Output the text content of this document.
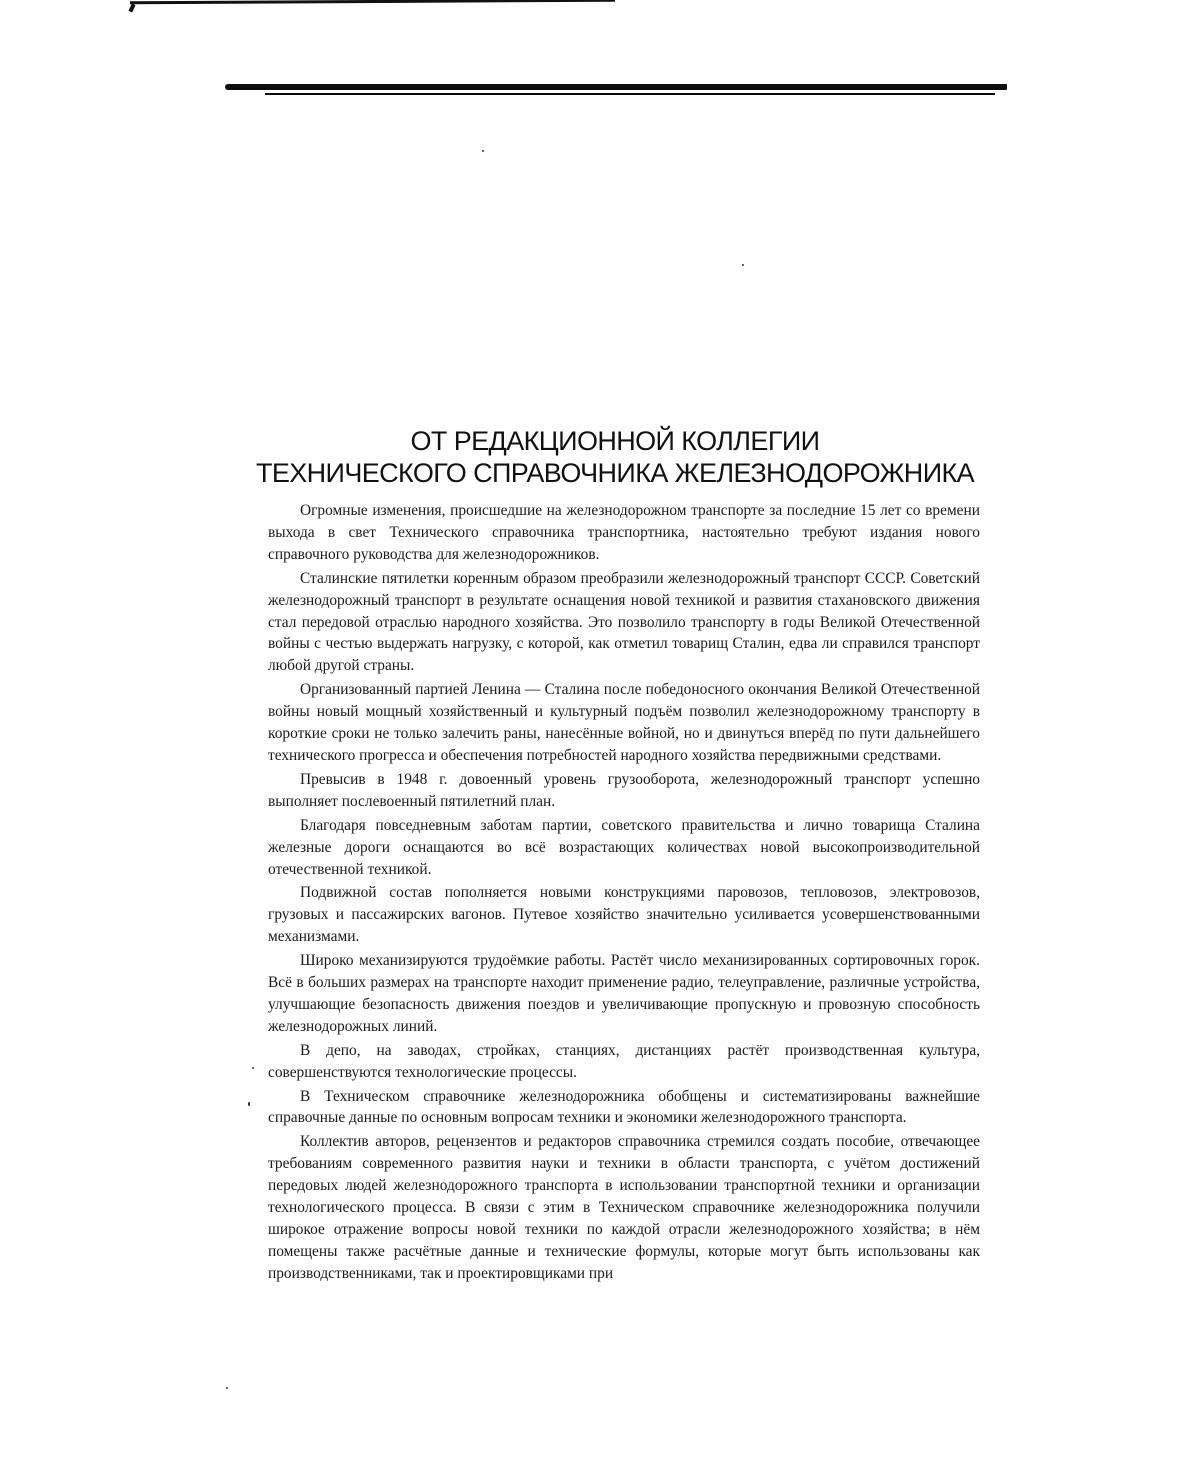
ОТ РЕДАКЦИОННОЙ КОЛЛЕГИИ
ТЕХНИЧЕСКОГО СПРАВОЧНИКА ЖЕЛЕЗНОДОРОЖНИКА

Огромные изменения, происшедшие на железнодорожном транспорте за последние 15 лет со времени выхода в свет Технического справочника транспортника, настоятельно требуют издания нового справочного руководства для железнодорожников.

Сталинские пятилетки коренным образом преобразили железнодорожный транспорт СССР. Советский железнодорожный транспорт в результате оснащения новой техникой и развития стахановского движения стал передовой отраслью народного хозяйства. Это позволило транспорту в годы Великой Отечественной войны с честью выдержать нагрузку, с которой, как отметил товарищ Сталин, едва ли справился транспорт любой другой страны.

Организованный партией Ленина — Сталина после победоносного окончания Великой Отечественной войны новый мощный хозяйственный и культурный подъём позволил железнодорожному транспорту в короткие сроки не только залечить раны, нанесённые войной, но и двинуться вперёд по пути дальнейшего технического прогресса и обеспечения потребностей народного хозяйства передвижными средствами.

Превысив в 1948 г. довоенный уровень грузооборота, железнодорожный транспорт успешно выполняет послевоенный пятилетний план.

Благодаря повседневным заботам партии, советского правительства и лично товарища Сталина железные дороги оснащаются во всё возрастающих количествах новой высокопроизводительной отечественной техникой.

Подвижной состав пополняется новыми конструкциями паровозов, тепловозов, электровозов, грузовых и пассажирских вагонов. Путевое хозяйство значительно усиливается усовершенствованными механизмами.

Широко механизируются трудоёмкие работы. Растёт число механизированных сортировочных горок. Всё в больших размерах на транспорте находит применение радио, телеуправление, различные устройства, улучшающие безопасность движения поездов и увеличивающие пропускную и провозную способность железнодорожных линий.

В депо, на заводах, стройках, станциях, дистанциях растёт производственная культура, совершенствуются технологические процессы.

В Техническом справочнике железнодорожника обобщены и систематизированы важнейшие справочные данные по основным вопросам техники и экономики железнодорожного транспорта.

Коллектив авторов, рецензентов и редакторов справочника стремился создать пособие, отвечающее требованиям современного развития науки и техники в области транспорта, с учётом достижений передовых людей железнодорожного транспорта в использовании транспортной техники и организации технологического процесса. В связи с этим в Техническом справочнике железнодорожника получили широкое отражение вопросы новой техники по каждой отрасли железнодорожного хозяйства; в нём помещены также расчётные данные и технические формулы, которые могут быть использованы как производственниками, так и проектировщиками при
